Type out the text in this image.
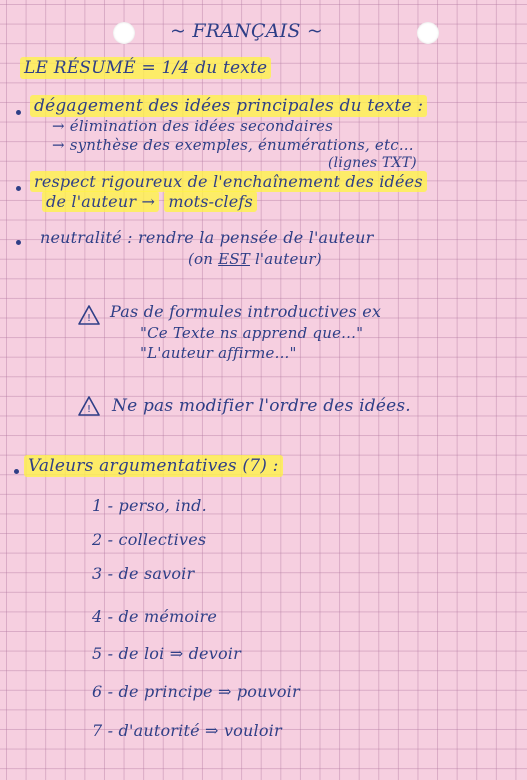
~ FRANÇAIS ~
LE RÉSUMÉ = 1/4 du texte
dégagement des idées principales du texte :
→ élimination des idées secondaires
→ synthèse des exemples, énumérations, etc...
(lignes TXT)
respect rigoureux de l'enchaînement des idées
de l'auteur → mots-clefs
neutralité : rendre la pensée de l'auteur
(on EST l'auteur)
! Pas de formules introductives ex
"Ce Texte ns apprend que..."
"L'auteur affirme..."
! Ne pas modifier l'ordre des idées.
Valeurs argumentatives (7) :
1 - perso, ind.
2 - collectives
3 - de savoir
4 - de mémoire
5 - de loi ⇒ devoir
6 - de principe ⇒ pouvoir
7 - d'autorité ⇒ vouloir
